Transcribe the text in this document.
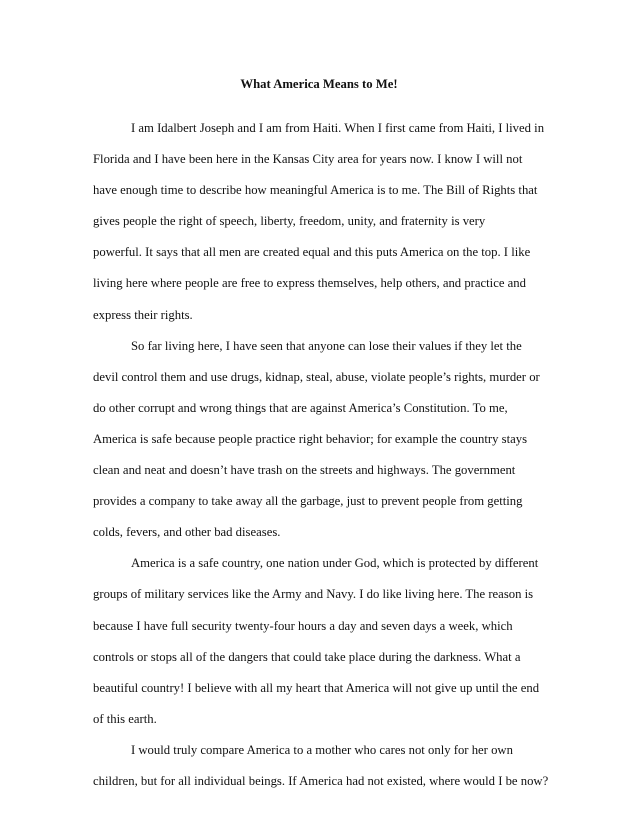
What America Means to Me!
I am Idalbert Joseph and I am from Haiti. When I first came from Haiti, I lived in
Florida and I have been here in the Kansas City area for years now. I know I will not
have enough time to describe how meaningful America is to me. The Bill of Rights that
gives people the right of speech, liberty, freedom, unity, and fraternity is very
powerful. It says that all men are created equal and this puts America on the top. I like
living here where people are free to express themselves, help others, and practice and
express their rights.
So far living here, I have seen that anyone can lose their values if they let the
devil control them and use drugs, kidnap, steal, abuse, violate people’s rights, murder or
do other corrupt and wrong things that are against America’s Constitution. To me,
America is safe because people practice right behavior; for example the country stays
clean and neat and doesn’t have trash on the streets and highways. The government
provides a company to take away all the garbage, just to prevent people from getting
colds, fevers, and other bad diseases.
America is a safe country, one nation under God, which is protected by different
groups of military services like the Army and Navy. I do like living here. The reason is
because I have full security twenty-four hours a day and seven days a week, which
controls or stops all of the dangers that could take place during the darkness. What a
beautiful country! I believe with all my heart that America will not give up until the end
of this earth.
I would truly compare America to a mother who cares not only for her own
children, but for all individual beings. If America had not existed, where would I be now?
